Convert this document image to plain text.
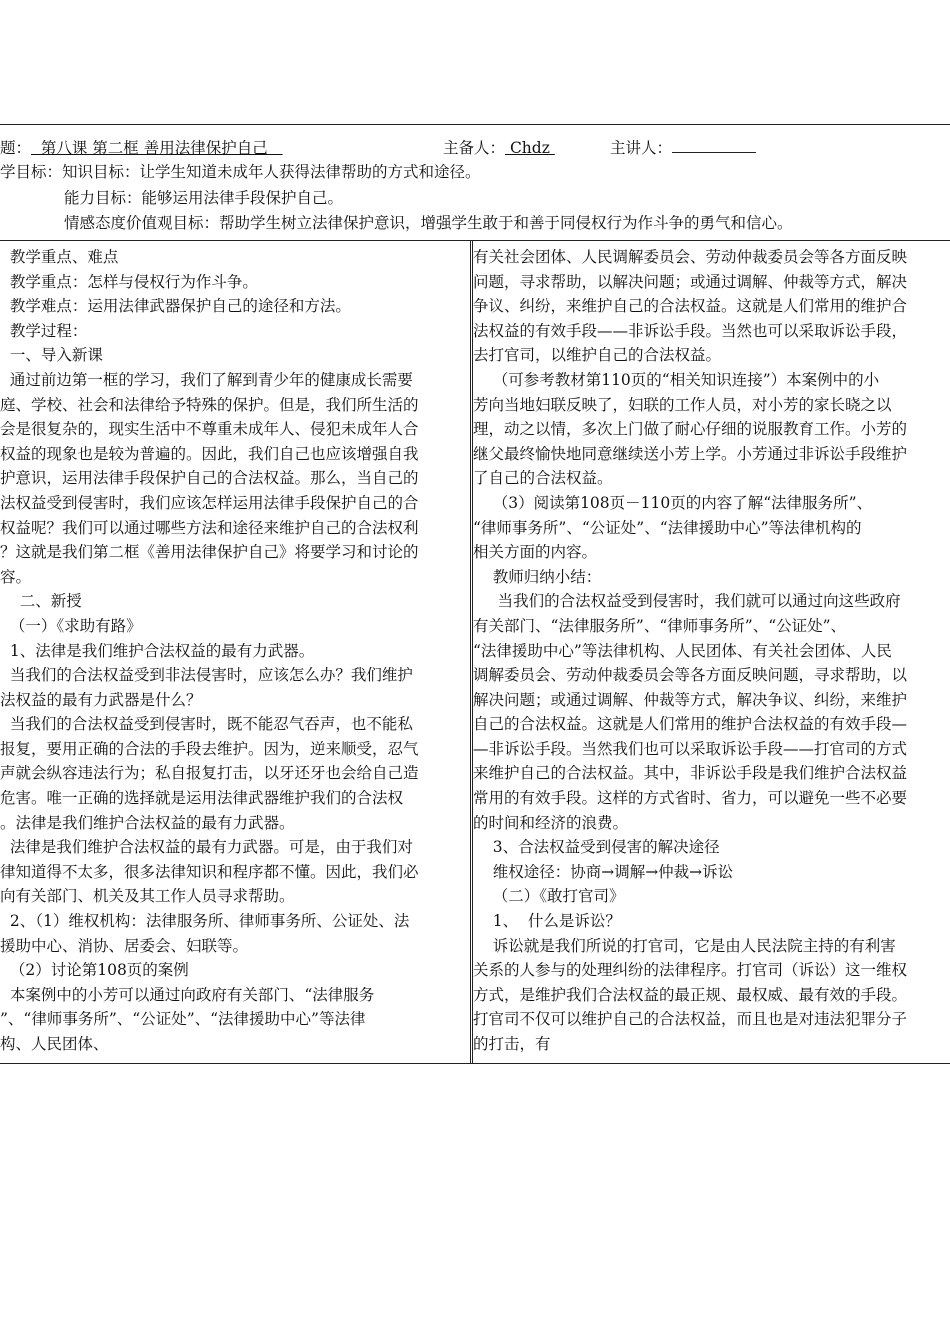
题：  第八课 第二框 善用法律保护自己	主备人： Chdz	主讲人：
学目标：知识目标：让学生知道未成年人获得法律帮助的方式和途径。
能力目标：能够运用法律手段保护自己。
情感态度价值观目标：帮助学生树立法律保护意识，增强学生敢于和善于同侵权行为作斗争的勇气和信心。
教学重点、难点
教学重点：怎样与侵权行为作斗争。
教学难点：运用法律武器保护自己的途径和方法。
教学过程：
一、导入新课
通过前边第一框的学习，我们了解到青少年的健康成长需要
庭、学校、社会和法律给予特殊的保护。但是，我们所生活的
会是很复杂的，现实生活中不尊重未成年人、侵犯未成年人合
权益的现象也是较为普遍的。因此，我们自己也应该增强自我
护意识，运用法律手段保护自己的合法权益。那么，当自己的
法权益受到侵害时，我们应该怎样运用法律手段保护自己的合
权益呢？我们可以通过哪些方法和途径来维护自己的合法权利
？这就是我们第二框《善用法律保护自己》将要学习和讨论的
容。
二、新授
（一）《求助有路》
1、法律是我们维护合法权益的最有力武器。
当我们的合法权益受到非法侵害时，应该怎么办？我们维护
法权益的最有力武器是什么？
当我们的合法权益受到侵害时，既不能忍气吞声，也不能私
报复，要用正确的合法的手段去维护。因为，逆来顺受，忍气
声就会纵容违法行为；私自报复打击，以牙还牙也会给自己造
危害。唯一正确的选择就是运用法律武器维护我们的合法权
。法律是我们维护合法权益的最有力武器。
法律是我们维护合法权益的最有力武器。可是，由于我们对
律知道得不太多，很多法律知识和程序都不懂。因此，我们必
向有关部门、机关及其工作人员寻求帮助。
2、（1）维权机构：法律服务所、律师事务所、公证处、法
援助中心、消协、居委会、妇联等。
（2）讨论第108页的案例
本案例中的小芳可以通过向政府有关部门、“法律服务
”、“律师事务所”、“公证处”、“法律援助中心”等法律
构、人民团体、
有关社会团体、人民调解委员会、劳动仲裁委员会等各方面反映
问题，寻求帮助，以解决问题；或通过调解、仲裁等方式，解决
争议、纠纷，来维护自己的合法权益。这就是人们常用的维护合
法权益的有效手段——非诉讼手段。当然也可以采取诉讼手段，
去打官司，以维护自己的合法权益。
（可参考教材第110页的“相关知识连接”）本案例中的小
芳向当地妇联反映了，妇联的工作人员，对小芳的家长晓之以
理，动之以情，多次上门做了耐心仔细的说服教育工作。小芳的
继父最终愉快地同意继续送小芳上学。小芳通过非诉讼手段维护
了自己的合法权益。
（3）阅读第108页－110页的内容了解“法律服务所”、
“律师事务所”、“公证处”、“法律援助中心”等法律机构的
相关方面的内容。
教师归纳小结：
当我们的合法权益受到侵害时，我们就可以通过向这些政府
有关部门、“法律服务所”、“律师事务所”、“公证处”、
“法律援助中心”等法律机构、人民团体、有关社会团体、人民
调解委员会、劳动仲裁委员会等各方面反映问题，寻求帮助，以
解决问题；或通过调解、仲裁等方式，解决争议、纠纷，来维护
自己的合法权益。这就是人们常用的维护合法权益的有效手段—
—非诉讼手段。当然我们也可以采取诉讼手段——打官司的方式
来维护自己的合法权益。其中，非诉讼手段是我们维护合法权益
常用的有效手段。这样的方式省时、省力，可以避免一些不必要
的时间和经济的浪费。
3、合法权益受到侵害的解决途径
维权途径：协商→调解→仲裁→诉讼
（二）《敢打官司》
1、  什么是诉讼？
诉讼就是我们所说的打官司，它是由人民法院主持的有利害
关系的人参与的处理纠纷的法律程序。打官司（诉讼）这一维权
方式，是维护我们合法权益的最正规、最权威、最有效的手段。
打官司不仅可以维护自己的合法权益，而且也是对违法犯罪分子
的打击，有
